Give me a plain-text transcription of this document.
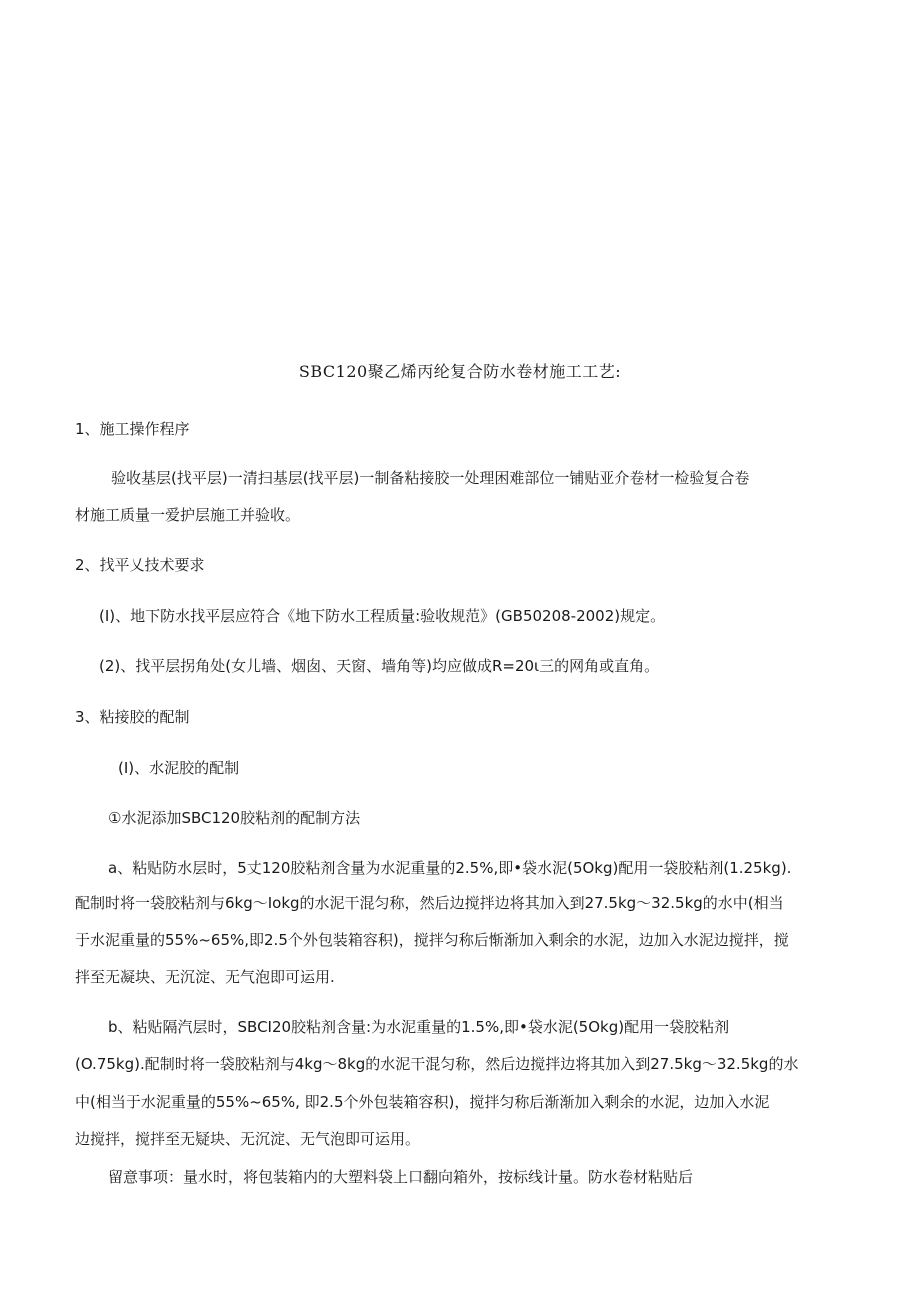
SBC120聚乙烯丙纶复合防水卷材施工工艺:
1、施工操作程序
验收基层(找平层)一清扫基层(找平层)一制备粘接胶一处理困难部位一铺贴亚介卷材一检验复合卷
材施工质量一爱护层施工并验收。
2、找平乂技术要求
(I)、地下防水找平层应符合《地下防水工程质量:验收规范》(GB50208-2002)规定。
(2)、找平层拐角处(女儿墙、烟囱、天窗、墙角等)均应做成R=20ι三的网角或直角。
3、粘接胶的配制
(I)、水泥胶的配制
①水泥添加SBC120胶粘剂的配制方法
a、粘贴防水层时，5丈120胶粘剂含量为水泥重量的2.5%,即•袋水泥(5Okg)配用一袋胶粘剂(1.25kg).
配制时将一袋胶粘剂与6kg〜Iokg的水泥干混匀称，然后边搅拌边将其加入到27.5kg〜32.5kg的水中(相当
于水泥重量的55%~65%,即2.5个外包装箱容积)，搅拌匀称后惭渐加入剩余的水泥，边加入水泥边搅拌，搅
拌至无凝块、无沉淀、无气泡即可运用.
b、粘贴隔汽层时，SBCI20胶粘剂含量:为水泥重量的1.5%,即•袋水泥(5Okg)配用一袋胶粘剂
(O.75kg).配制时将一袋胶粘剂与4kg〜8kg的水泥干混匀称，然后边搅拌边将其加入到27.5kg〜32.5kg的水
中(相当于水泥重量的55%~65%, 即2.5个外包装箱容积)，搅拌匀称后渐渐加入剩余的水泥，边加入水泥
边搅拌，搅拌至无疑块、无沉淀、无气泡即可运用。
留意事项：量水时，将包装箱内的大塑料袋上口翻向箱外，按标线计量。防水卷材粘贴后
